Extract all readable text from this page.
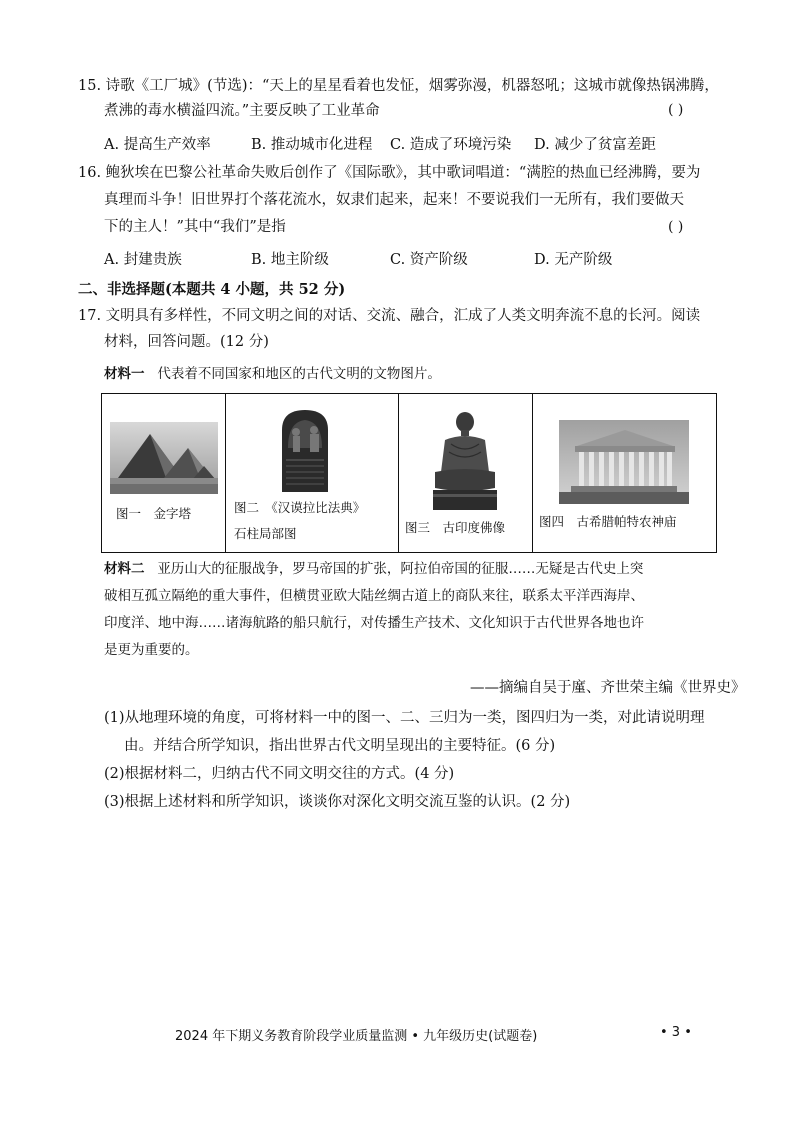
15. 诗歌《工厂城》(节选)：“天上的星星看着也发怔，烟雾弥漫，机器怒吼；这城市就像热锅沸腾，
煮沸的毒水横溢四流。”主要反映了工业革命	( )
A. 提高生产效率	B. 推动城市化进程 C. 造成了环境污染 D. 减少了贫富差距
16. 鲍狄埃在巴黎公社革命失败后创作了《国际歌》，其中歌词唱道：“满腔的热血已经沸腾，要为
真理而斗争！旧世界打个落花流水，奴隶们起来，起来！不要说我们一无所有，我们要做天
下的主人！”其中“我们”是指	( )
A. 封建贵族	B. 地主阶级	C. 资产阶级	D. 无产阶级
二、非选择题(本题共 4 小题，共 52 分)
17. 文明具有多样性，不同文明之间的对话、交流、融合，汇成了人类文明奔流不息的长河。阅读
材料，回答问题。(12 分)
材料一 代表着不同国家和地区的古代文明的文物图片。
图一　金字塔	图二　《汉谟拉比法典》
石柱局部图	图三　古印度佛像	图四　古希腊帕特农神庙
材料二 亚历山大的征服战争，罗马帝国的扩张，阿拉伯帝国的征服……无疑是古代史上突
破相互孤立隔绝的重大事件，但横贯亚欧大陆丝绸古道上的商队来往，联系太平洋西海岸、
印度洋、地中海……诸海航路的船只航行，对传播生产技术、文化知识于古代世界各地也许
是更为重要的。
——摘编自吴于廑、齐世荣主编《世界史》
(1)从地理环境的角度，可将材料一中的图一、二、三归为一类，图四归为一类，对此请说明理
由。并结合所学知识，指出世界古代文明呈现出的主要特征。(6 分)
(2)根据材料二，归纳古代不同文明交往的方式。(4 分)
(3)根据上述材料和所学知识，谈谈你对深化文明交流互鉴的认识。(2 分)
2024 年下期义务教育阶段学业质量监测 • 九年级历史(试题卷)	• 3 •
